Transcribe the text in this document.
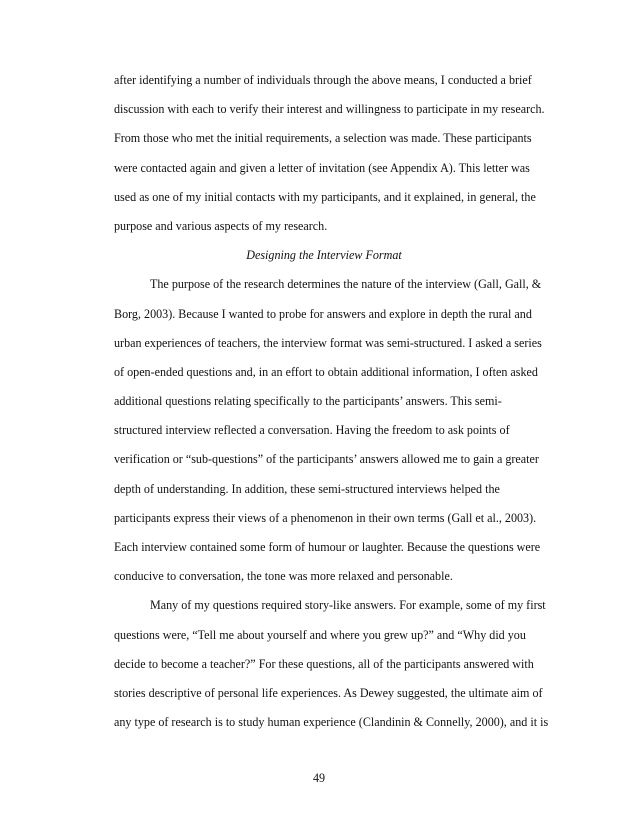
after identifying a number of individuals through the above means, I conducted a brief
discussion with each to verify their interest and willingness to participate in my research.
From those who met the initial requirements, a selection was made. These participants
were contacted again and given a letter of invitation (see Appendix A). This letter was
used as one of my initial contacts with my participants, and it explained, in general, the
purpose and various aspects of my research.
Designing the Interview Format
The purpose of the research determines the nature of the interview (Gall, Gall, &
Borg, 2003). Because I wanted to probe for answers and explore in depth the rural and
urban experiences of teachers, the interview format was semi-structured. I asked a series
of open-ended questions and, in an effort to obtain additional information, I often asked
additional questions relating specifically to the participants’ answers. This semi-
structured interview reflected a conversation. Having the freedom to ask points of
verification or “sub-questions” of the participants’ answers allowed me to gain a greater
depth of understanding. In addition, these semi-structured interviews helped the
participants express their views of a phenomenon in their own terms (Gall et al., 2003).
Each interview contained some form of humour or laughter. Because the questions were
conducive to conversation, the tone was more relaxed and personable.
Many of my questions required story-like answers. For example, some of my first
questions were, “Tell me about yourself and where you grew up?” and “Why did you
decide to become a teacher?” For these questions, all of the participants answered with
stories descriptive of personal life experiences. As Dewey suggested, the ultimate aim of
any type of research is to study human experience (Clandinin & Connelly, 2000), and it is
49
